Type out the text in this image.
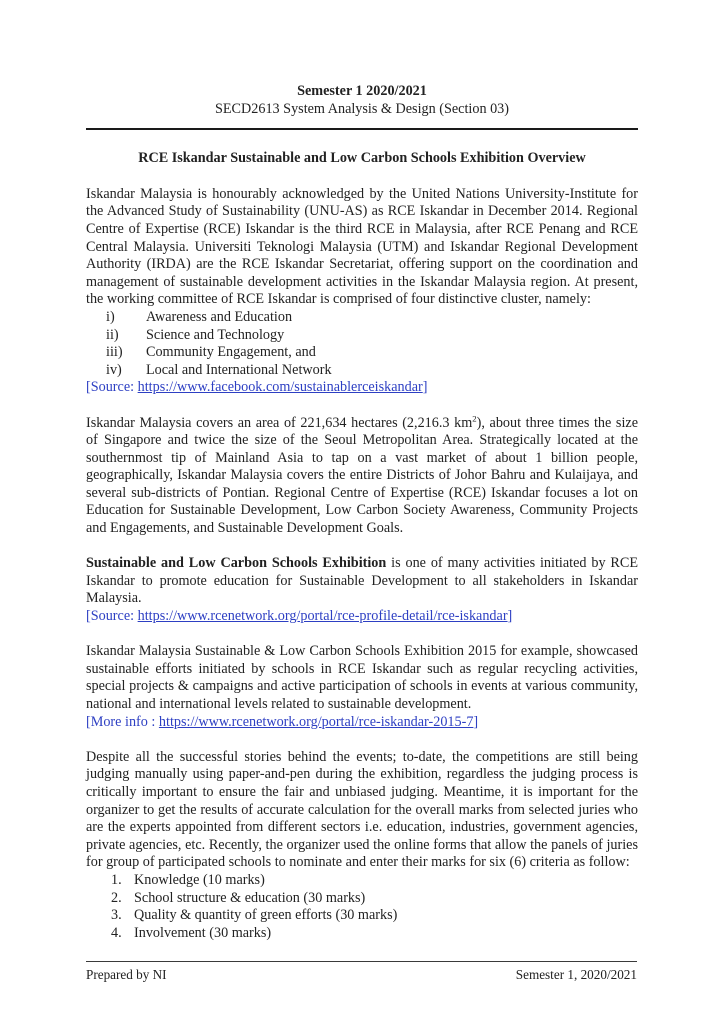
Semester 1 2020/2021
SECD2613 System Analysis & Design (Section 03)
RCE Iskandar Sustainable and Low Carbon Schools Exhibition Overview

Iskandar Malaysia is honourably acknowledged by the United Nations University-Institute for the Advanced Study of Sustainability (UNU-AS) as RCE Iskandar in December 2014. Regional Centre of Expertise (RCE) Iskandar is the third RCE in Malaysia, after RCE Penang and RCE Central Malaysia. Universiti Teknologi Malaysia (UTM) and Iskandar Regional Development Authority (IRDA) are the RCE Iskandar Secretariat, offering support on the coordination and management of sustainable development activities in the Iskandar Malaysia region. At present, the working committee of RCE Iskandar is comprised of four distinctive cluster, namely:

i)	Awareness and Education
ii)	Science and Technology
iii)	Community Engagement, and
iv)	Local and International Network
[Source: https://www.facebook.com/sustainablerceiskandar]

Iskandar Malaysia covers an area of 221,634 hectares (2,216.3 $km^2$), about three times the size of Singapore and twice the size of the Seoul Metropolitan Area. Strategically located at the southernmost tip of Mainland Asia to tap on a vast market of about 1 billion people, geographically, Iskandar Malaysia covers the entire Districts of Johor Bahru and Kulaijaya, and several sub-districts of Pontian. Regional Centre of Expertise (RCE) Iskandar focuses a lot on Education for Sustainable Development, Low Carbon Society Awareness, Community Projects and Engagements, and Sustainable Development Goals.

Sustainable and Low Carbon Schools Exhibition is one of many activities initiated by RCE Iskandar to promote education for Sustainable Development to all stakeholders in Iskandar Malaysia.

[Source: https://www.rcenetwork.org/portal/rce-profile-detail/rce-iskandar]

Iskandar Malaysia Sustainable & Low Carbon Schools Exhibition 2015 for example, showcased sustainable efforts initiated by schools in RCE Iskandar such as regular recycling activities, special projects & campaigns and active participation of schools in events at various community, national and international levels related to sustainable development.

[More info : https://www.rcenetwork.org/portal/rce-iskandar-2015-7]

Despite all the successful stories behind the events; to-date, the competitions are still being judging manually using paper-and-pen during the exhibition, regardless the judging process is critically important to ensure the fair and unbiased judging. Meantime, it is important for the organizer to get the results of accurate calculation for the overall marks from selected juries who are the experts appointed from different sectors i.e. education, industries, government agencies, private agencies, etc. Recently, the organizer used the online forms that allow the panels of juries for group of participated schools to nominate and enter their marks for six (6) criteria as follow:

1. Knowledge (10 marks)
2. School structure & education (30 marks)
3. Quality & quantity of green efforts (30 marks)
4. Involvement (30 marks)
Prepared by NI	Semester 1, 2020/2021
